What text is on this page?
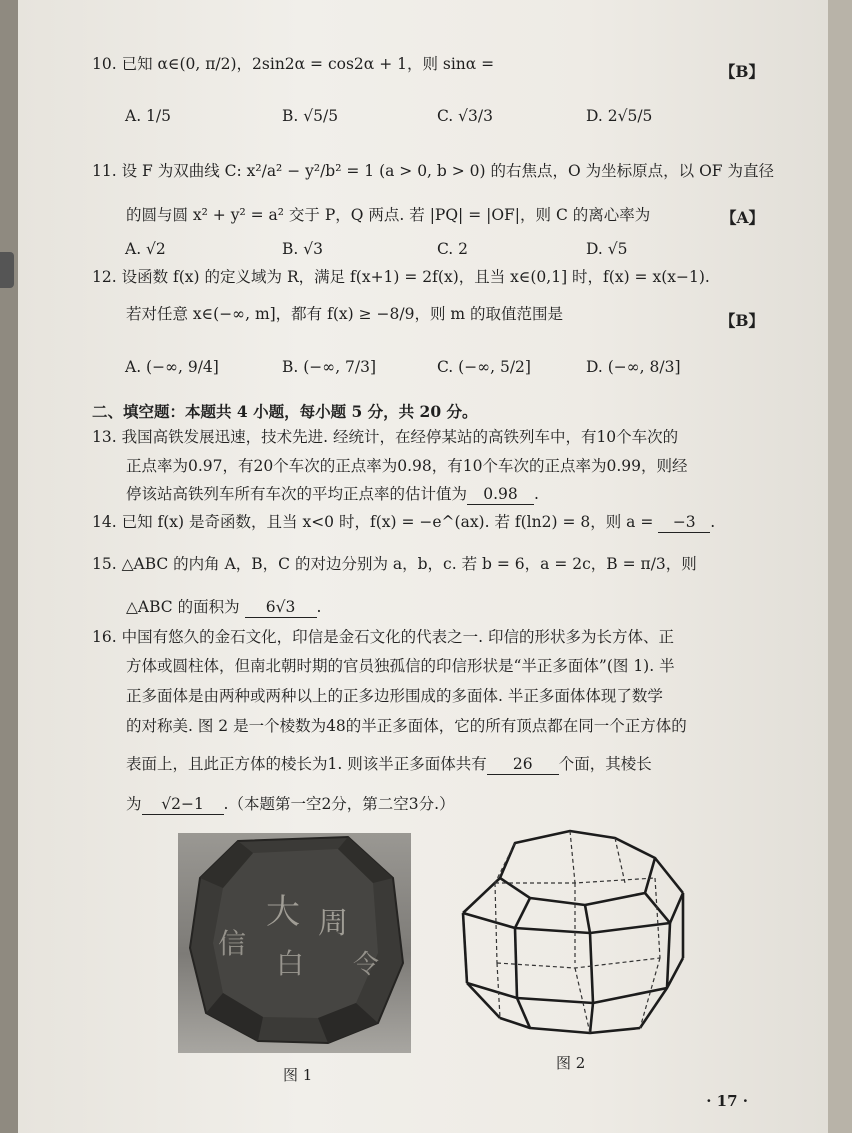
10. 已知 α∈(0, π/2)，2sin2α = cos2α + 1，则 sinα =	【B】
A. 1/5	B. √5/5	C. √3/3	D. 2√5/5
11. 设 F 为双曲线 C: x²/a² − y²/b² = 1 (a > 0, b > 0) 的右焦点，O 为坐标原点，以 OF 为直径
的圆与圆 x² + y² = a² 交于 P，Q 两点. 若 |PQ| = |OF|，则 C 的离心率为	【A】
A. √2	B. √3	C. 2	D. √5
12. 设函数 f(x) 的定义域为 R，满足 f(x+1) = 2f(x)，且当 x∈(0,1] 时，f(x) = x(x−1).
若对任意 x∈(−∞, m]，都有 f(x) ≥ −8/9，则 m 的取值范围是	【B】
A. (−∞, 9/4]	B. (−∞, 7/3]	C. (−∞, 5/2]	D. (−∞, 8/3]
二、填空题：本题共 4 小题，每小题 5 分，共 20 分。
13. 我国高铁发展迅速，技术先进. 经统计，在经停某站的高铁列车中，有10个车次的
正点率为0.97，有20个车次的正点率为0.98，有10个车次的正点率为0.99，则经
停该站高铁列车所有车次的平均正点率的估计值为 0.98 .
14. 已知 f(x) 是奇函数，且当 x<0 时，f(x) = −e^(ax). 若 f(ln2) = 8，则 a = −3 .
15. △ABC 的内角 A，B，C 的对边分别为 a，b，c. 若 b = 6，a = 2c，B = π/3，则
△ABC 的面积为 6√3 .
16. 中国有悠久的金石文化，印信是金石文化的代表之一. 印信的形状多为长方体、正
方体或圆柱体，但南北朝时期的官员独孤信的印信形状是“半正多面体”(图 1). 半
正多面体是由两种或两种以上的正多边形围成的多面体. 半正多面体体现了数学
的对称美. 图 2 是一个棱数为48的半正多面体，它的所有顶点都在同一个正方体的
表面上，且此正方体的棱长为1. 则该半正多面体共有 26 个面，其棱长
为 √2−1 .（本题第一空2分，第二空3分.）
大 周
信
白 令
图 1
图 2
· 17 ·
